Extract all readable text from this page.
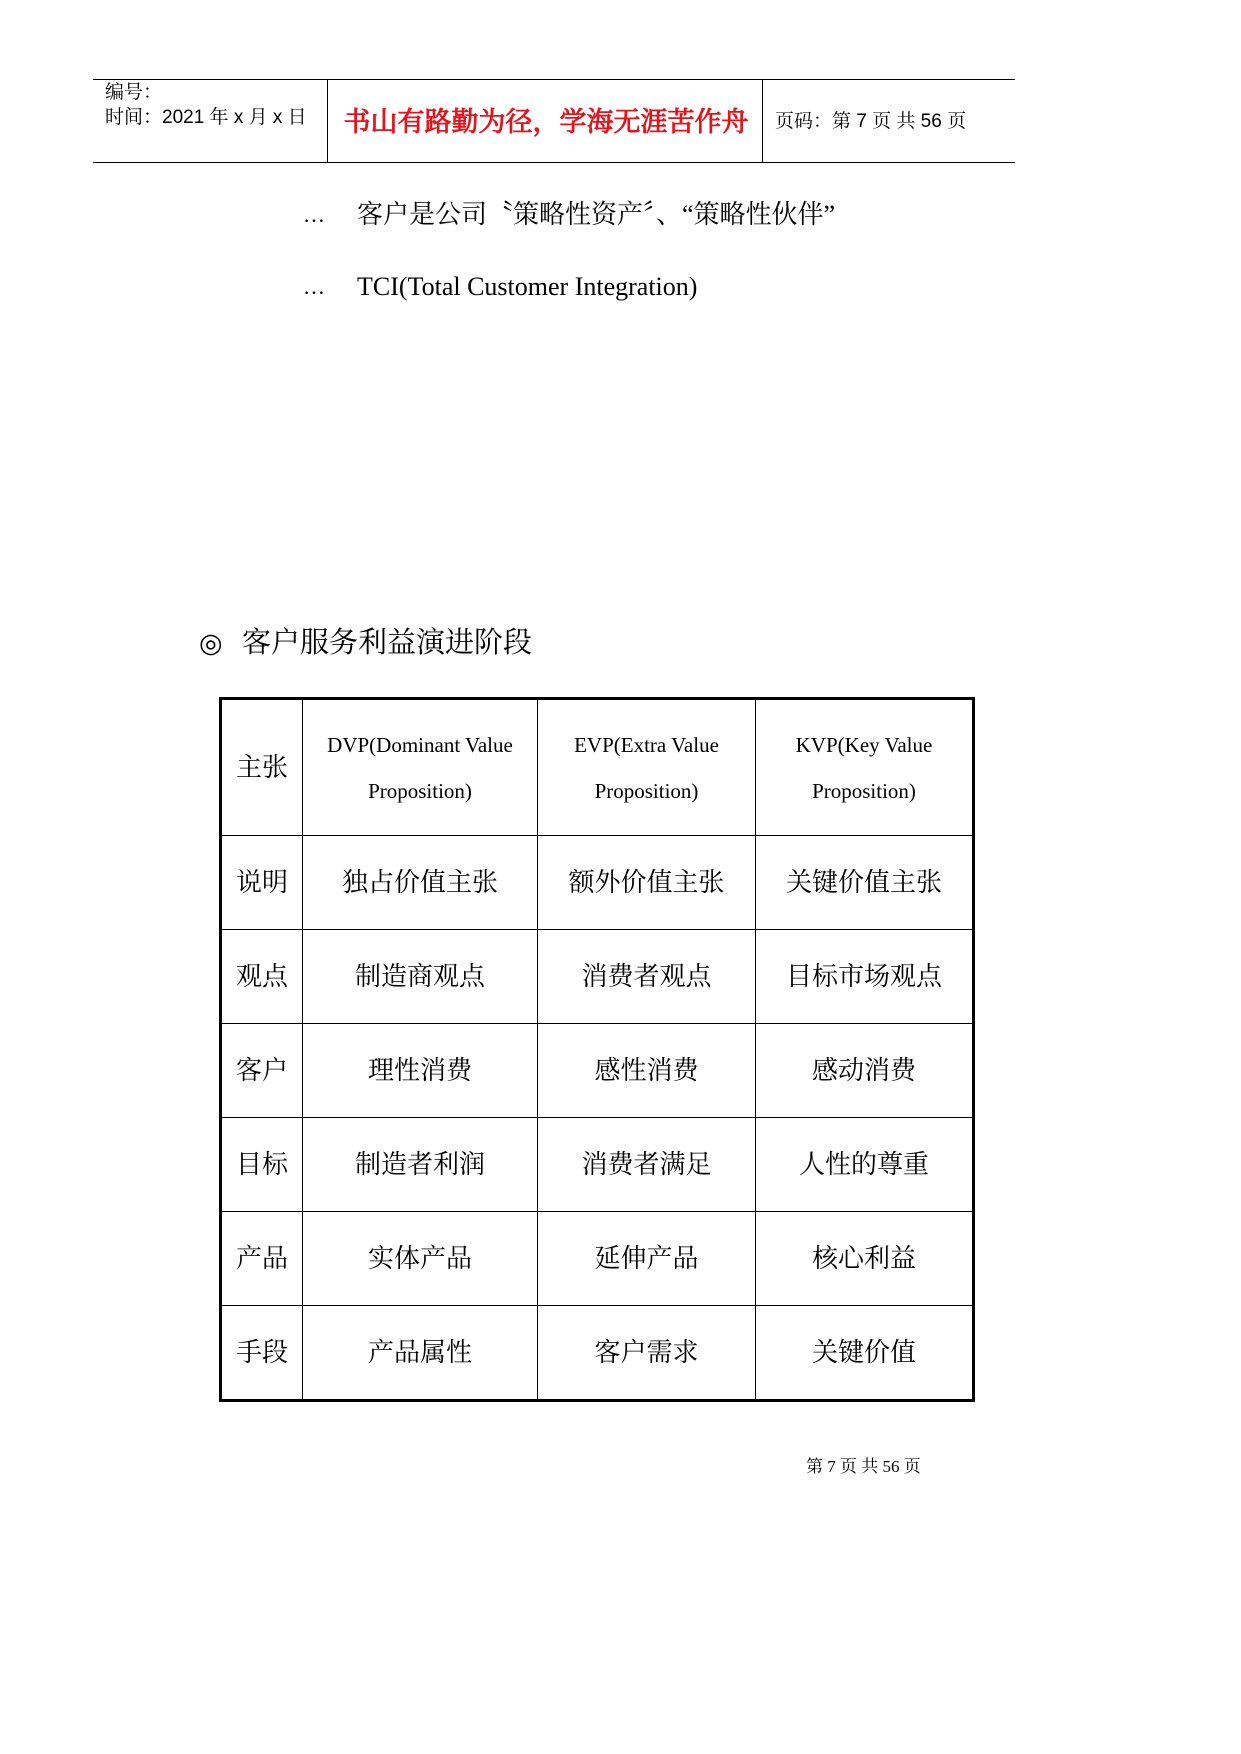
编号：
时间：2021 年 x 月 x 日	书山有路勤为径，学海无涯苦作舟	页码：第 7 页 共 56 页
… 客户是公司〝策略性资产〞、“策略性伙伴”
… TCI(Total Customer Integration)
◎ 客户服务利益演进阶段
主张	DVP(Dominant Value Proposition)	EVP(Extra Value Proposition)	KVP(Key Value Proposition)
说明	独占价值主张	额外价值主张	关键价值主张
观点	制造商观点	消费者观点	目标市场观点
客户	理性消费	感性消费	感动消费
目标	制造者利润	消费者满足	人性的尊重
产品	实体产品	延伸产品	核心利益
手段	产品属性	客户需求	关键价值
第 7 页 共 56 页
